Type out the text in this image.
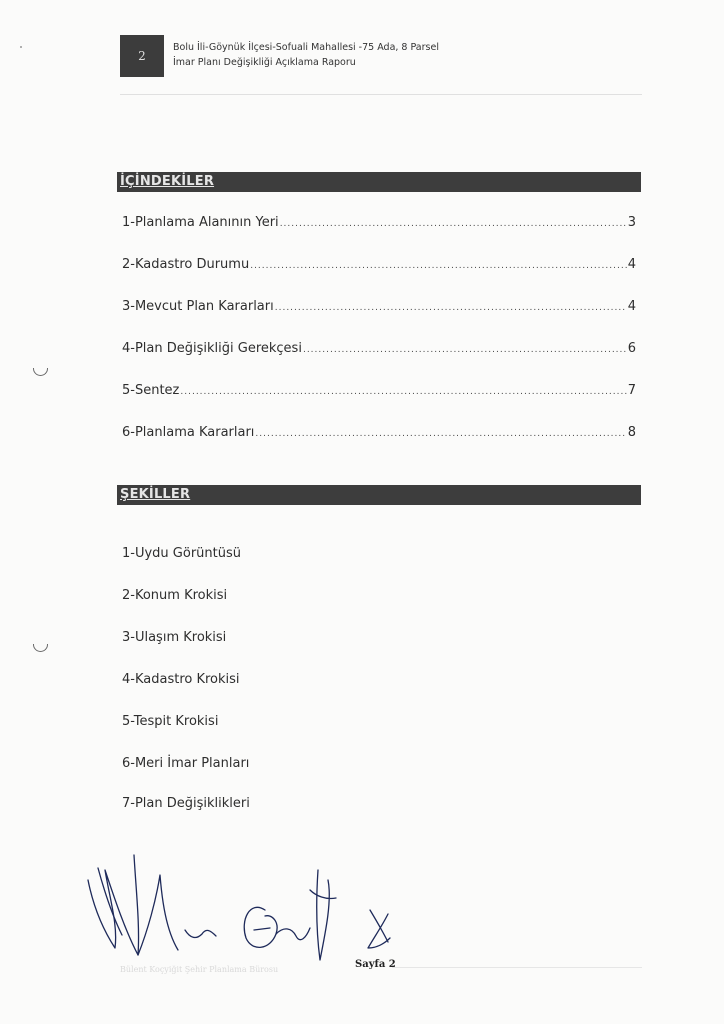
2
Bolu İli-Göynük İlçesi-Sofuali Mahallesi -75 Ada, 8 Parsel
İmar Planı Değişikliği Açıklama Raporu
İÇİNDEKİLER
1-Planlama Alanının Yeri .....	3
2-Kadastro Durumu .....	4
3-Mevcut Plan Kararları .....	4
4-Plan Değişikliği Gerekçesi .....	6
5-Sentez .....	7
6-Planlama Kararları .....	8
ŞEKİLLER
1-Uydu Görüntüsü
2-Konum Krokisi
3-Ulaşım Krokisi
4-Kadastro Krokisi
5-Tespit Krokisi
6-Meri İmar Planları
7-Plan Değişiklikleri
Bülent Koçyiğit Şehir Planlama Bürosu	Sayfa 2
